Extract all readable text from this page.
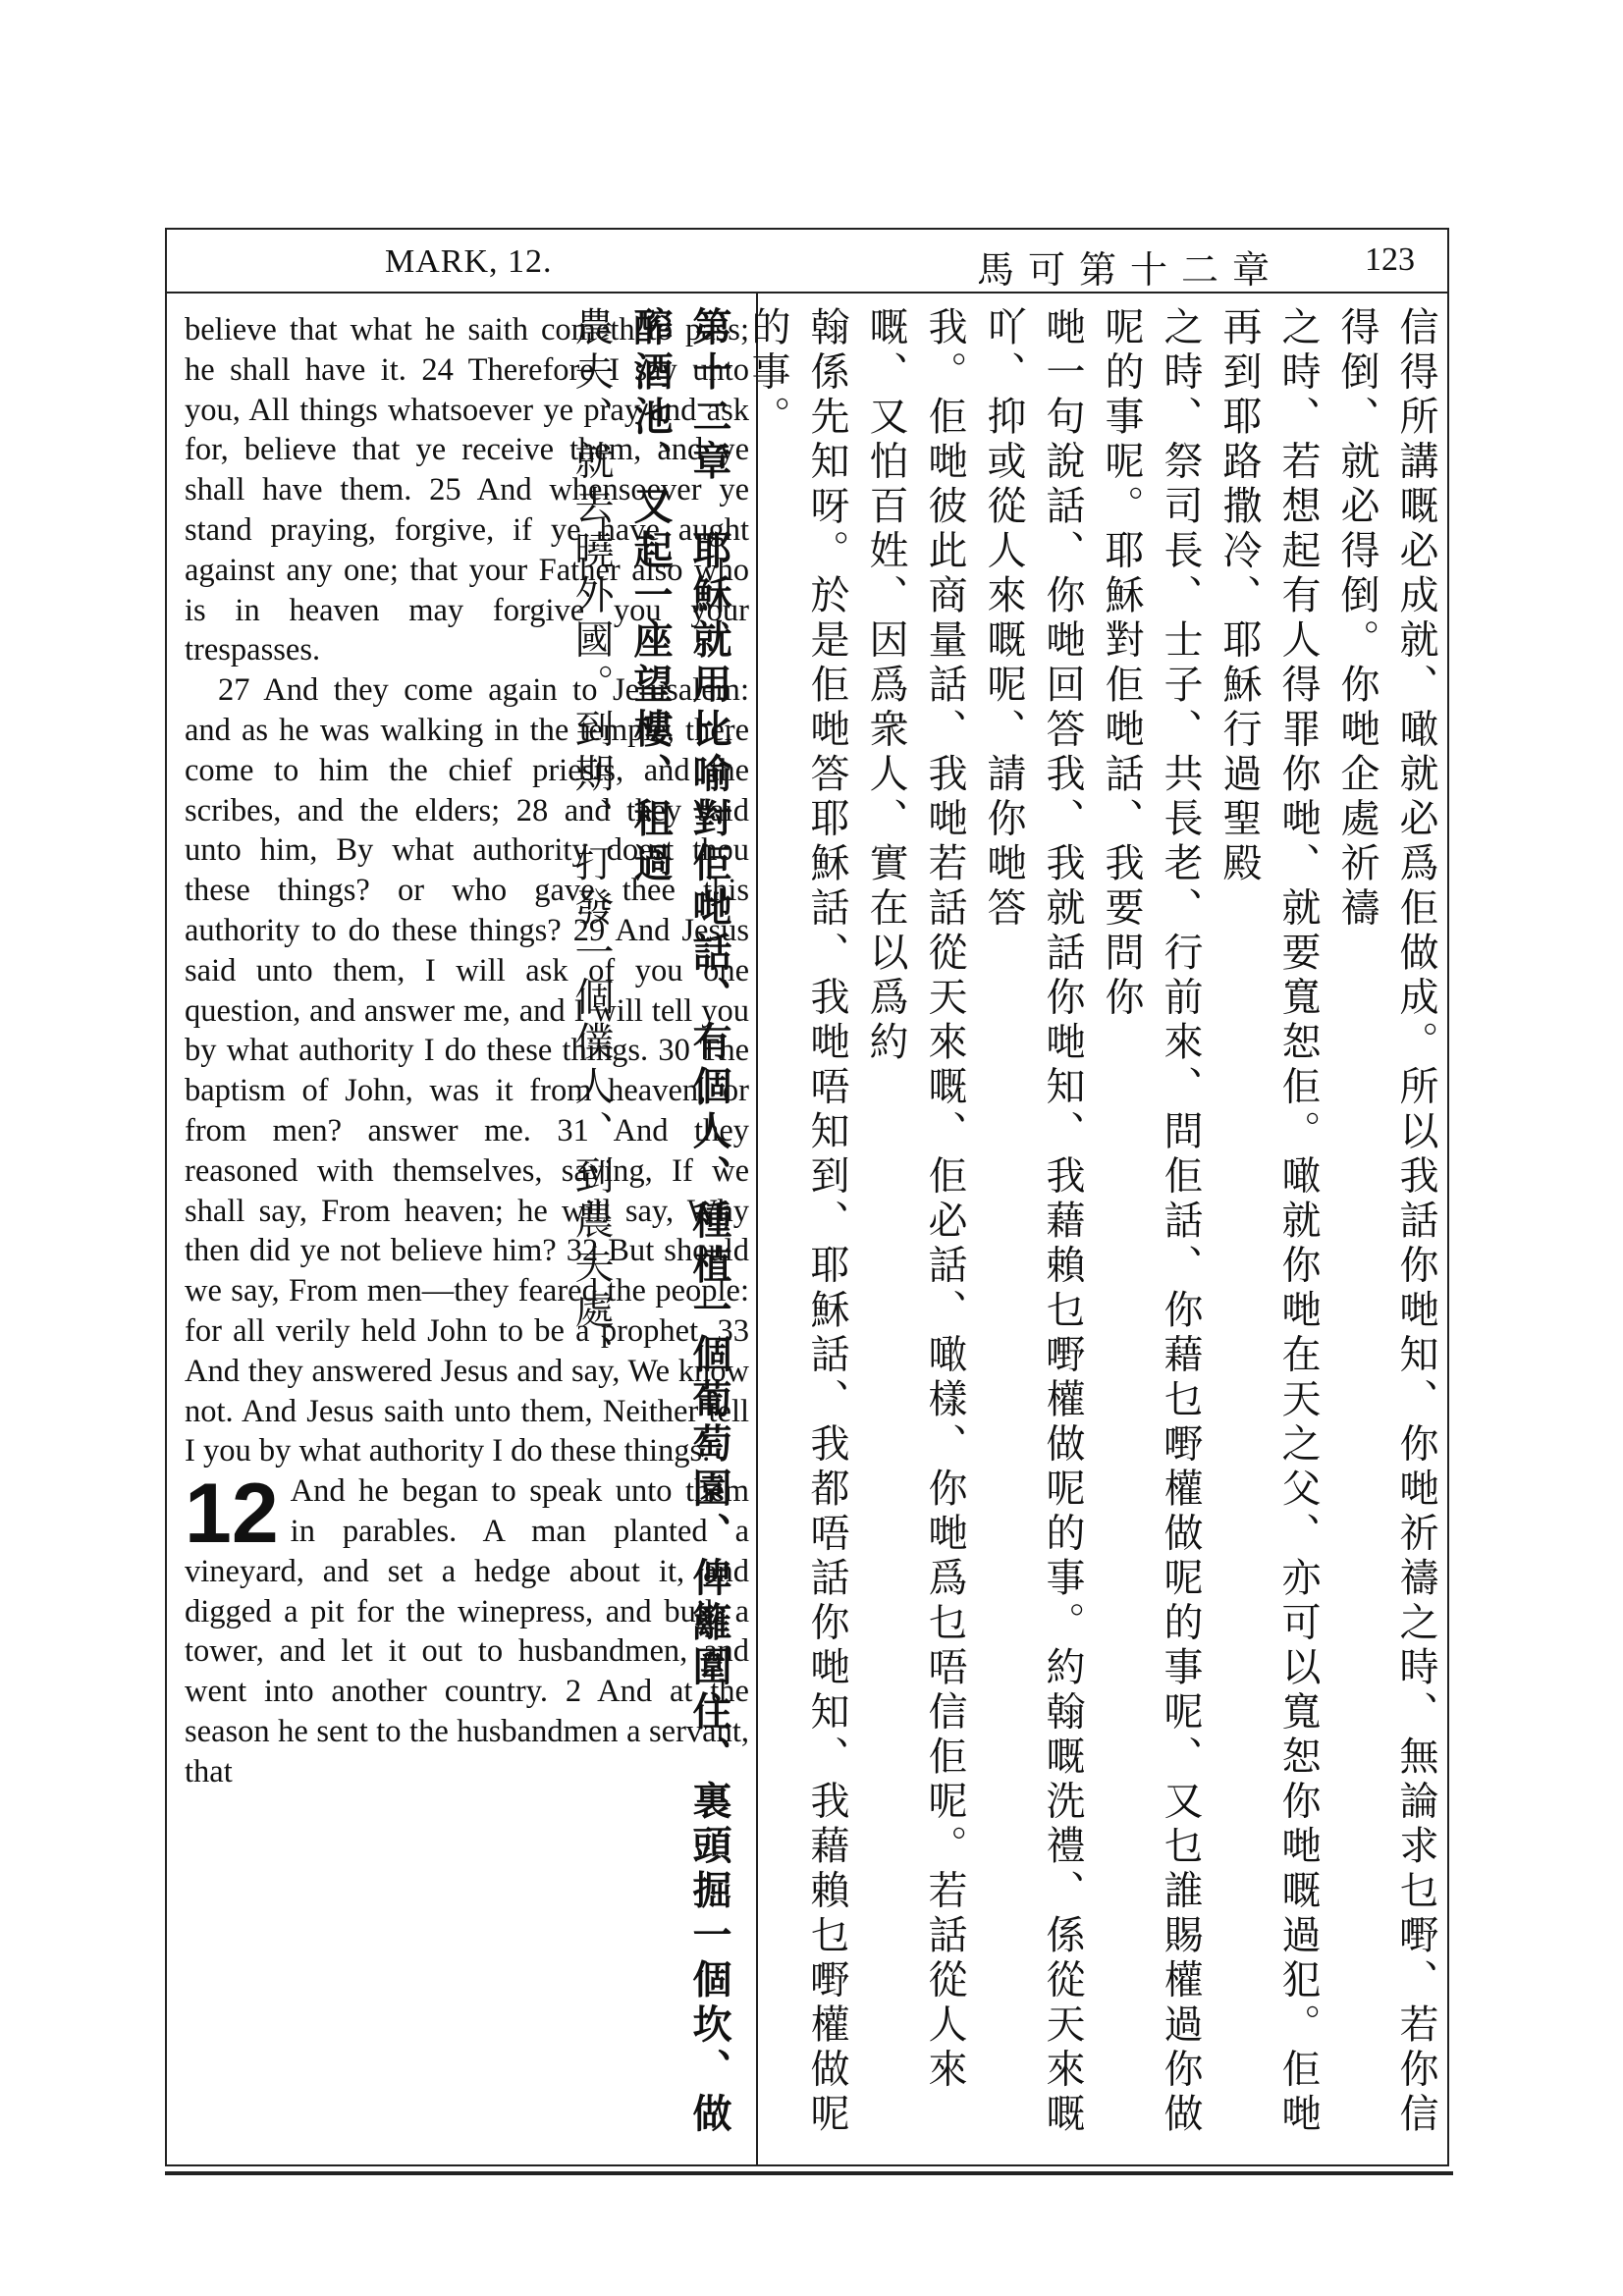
MARK, 12.	馬可第十二章 123

believe that what he saith cometh to pass; he shall have it. 24 Therefore I say unto you, All things whatsoever ye pray and ask for, believe that ye receive them, and ye shall have them. 25 And whensoever ye stand praying, forgive, if ye have aught against any one; that your Father also who is in heaven may forgive you your trespasses.

27 And they come again to Jerusalem: and as he was walking in the temple, there come to him the chief priests, and the scribes, and the elders; 28 and they said unto him, By what authority doest thou these things? or who gave thee this authority to do these things? 29 And Jesus said unto them, I will ask of you one question, and answer me, and I will tell you by what authority I do these things. 30 The baptism of John, was it from heaven, or from men? answer me. 31 And they reasoned with themselves, saying, If we shall say, From heaven; he will say, Why then did ye not believe him? 32 But should we say, From men—they feared the people: for all verily held John to be a prophet. 33 And they answered Jesus and say, We know not. And Jesus saith unto them, Neither tell I you by what authority I do these things.

12 And he began to speak unto them in parables. A man planted a vineyard, and set a hedge about it, and digged a pit for the winepress, and built a tower, and let it out to husbandmen, and went into another country. 2 And at the season he sent to the husbandmen a servant, that	信得所講嘅必成就、噉就必爲佢做成。所以我話你哋知、你哋祈禱之時、無論求乜嘢、若你信得倒、就必得倒。你哋企處祈禱
之時、若想起有人得罪你哋、就要寬恕佢。噉就你哋在天之父、亦可以寬恕你哋嘅過犯。佢哋再到耶路撒冷、耶穌行過聖殿
之時、祭司長、士子、共長老、行前來、問佢話、你藉乜嘢權做呢的事呢、又乜誰賜權過你做呢的事呢。耶穌對佢哋話、我要問你
哋一句說話、你哋回答我、我就話你哋知、我藉賴乜嘢權做呢的事。約翰嘅洗禮、係從天來嘅吖、抑或從人來嘅呢、請你哋答
我。佢哋彼此商量話、我哋若話從天來嘅、佢必話、噉樣、你哋爲乜唔信佢呢。若話從人來嘅、又怕百姓、因爲衆人、實在以爲約
翰係先知呀。於是佢哋答耶穌話、我哋唔知到、耶穌話、我都唔話你哋知、我藉賴乜嘢權做呢的事。
第十二章　耶穌就用比喻對佢哋話、有個人、種植一個葡萄園、俾籬圍住、裏頭掘一個坎、做醡酒池、又起一座望樓、租過
農夫、就去曉外國。到期、打發一個僕人、到農夫處、
